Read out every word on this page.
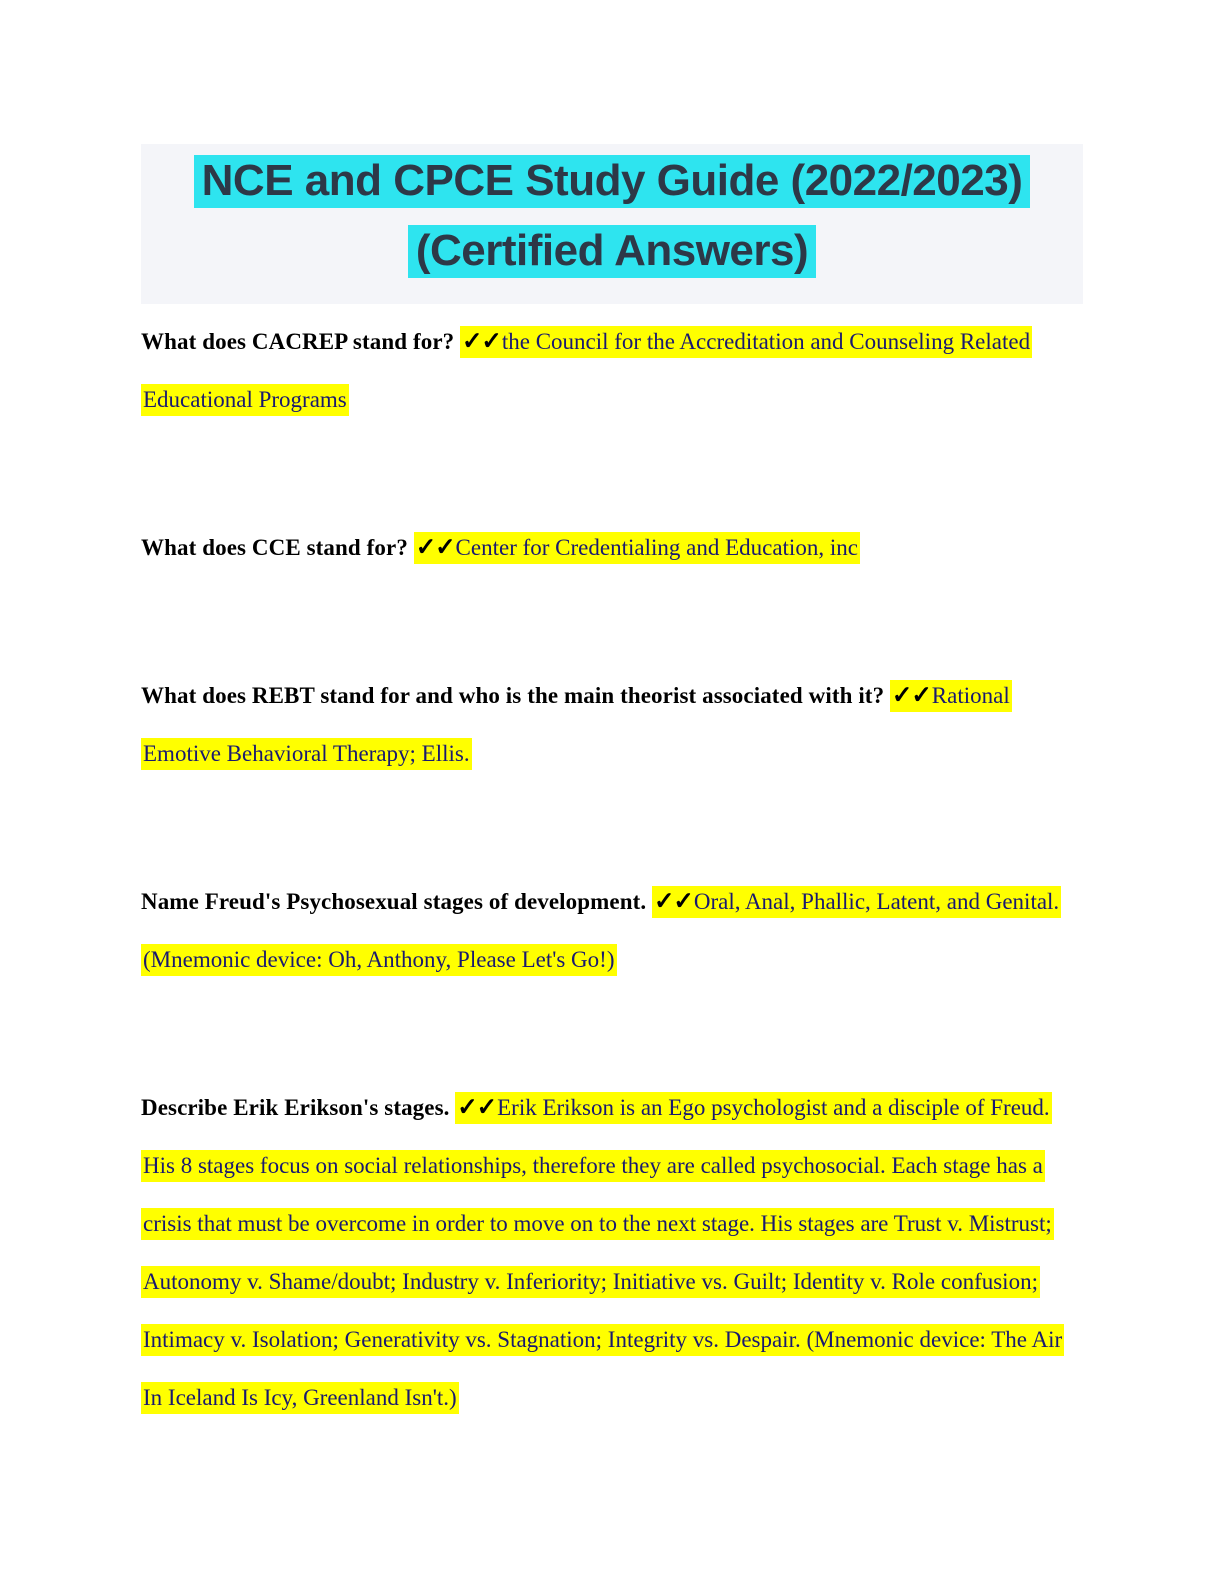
NCE and CPCE Study Guide (2022/2023)
(Certified Answers)

What does CACREP stand for? ✓✓the Council for the Accreditation and Counseling Related Educational Programs

What does CCE stand for? ✓✓Center for Credentialing and Education, inc

What does REBT stand for and who is the main theorist associated with it? ✓✓Rational Emotive Behavioral Therapy; Ellis.

Name Freud's Psychosexual stages of development. ✓✓Oral, Anal, Phallic, Latent, and Genital. (Mnemonic device: Oh, Anthony, Please Let's Go!)

Describe Erik Erikson's stages. ✓✓Erik Erikson is an Ego psychologist and a disciple of Freud. His 8 stages focus on social relationships, therefore they are called psychosocial. Each stage has a crisis that must be overcome in order to move on to the next stage. His stages are Trust v. Mistrust; Autonomy v. Shame/doubt; Industry v. Inferiority; Initiative vs. Guilt; Identity v. Role confusion; Intimacy v. Isolation; Generativity vs. Stagnation; Integrity vs. Despair. (Mnemonic device: The Air In Iceland Is Icy, Greenland Isn't.)
